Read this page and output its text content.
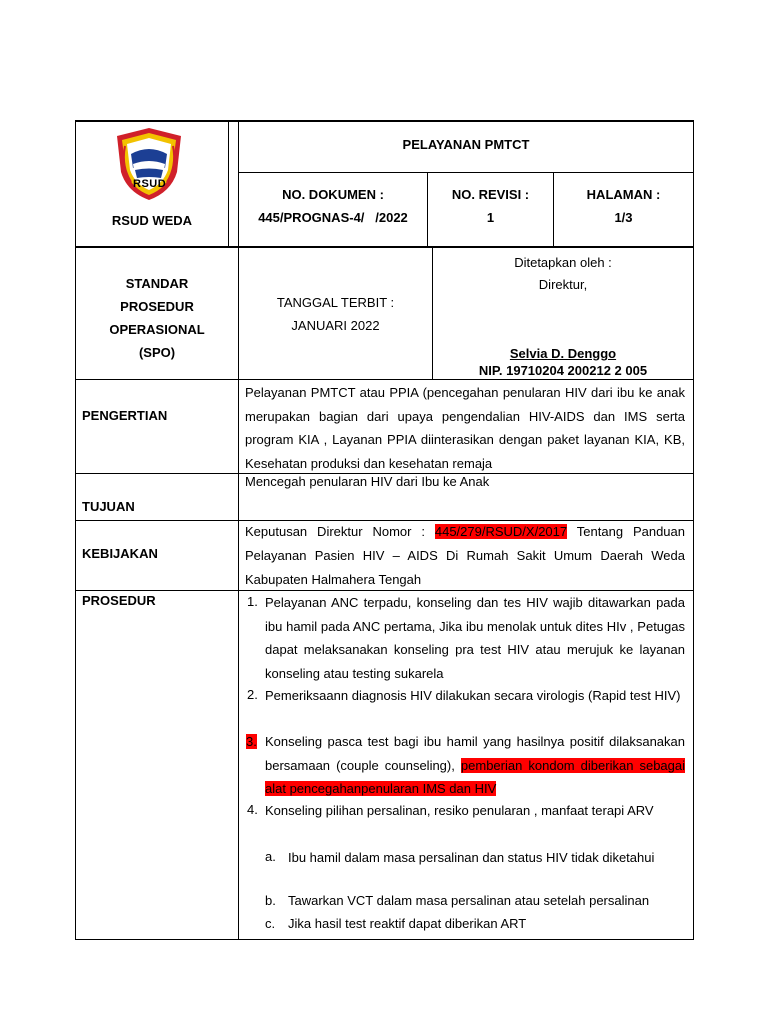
RSUD
RSUD WEDA
PELAYANAN PMTCT
NO. DOKUMEN :
445/PROGNAS-4/   /2022
NO. REVISI :
1
HALAMAN :
1/3
STANDAR
PROSEDUR
OPERASIONAL
(SPO)
TANGGAL TERBIT :
JANUARI 2022
Ditetapkan oleh :
Direktur,
Selvia D. Denggo
NIP. 19710204 200212 2 005
PENGERTIAN
Pelayanan PMTCT atau PPIA (pencegahan penularan HIV dari ibu ke anak merupakan bagian dari upaya pengendalian HIV-AIDS dan IMS serta program KIA , Layanan PPIA diinterasikan dengan paket layanan KIA, KB, Kesehatan produksi dan kesehatan remaja
TUJUAN
Mencegah penularan HIV dari Ibu ke Anak
KEBIJAKAN
Keputusan Direktur Nomor : 445/279/RSUD/X/2017 Tentang Panduan Pelayanan Pasien HIV – AIDS Di Rumah Sakit Umum Daerah Weda Kabupaten Halmahera Tengah
PROSEDUR	1. Pelayanan ANC terpadu, konseling dan tes HIV wajib ditawarkan pada ibu hamil pada ANC pertama, Jika ibu menolak untuk dites HIv , Petugas dapat melaksanakan konseling pra test HIV atau merujuk ke layanan konseling atau testing sukarela
2. Pemeriksaann diagnosis HIV dilakukan secara virologis (Rapid test HIV)
3. Konseling pasca test bagi ibu hamil yang hasilnya positif dilaksanakan bersamaan (couple counseling), pemberian kondom diberikan sebagai alat pencegahanpenularan IMS dan HIV
4. Konseling pilihan persalinan, resiko penularan , manfaat terapi ARV
a. Ibu hamil dalam masa persalinan dan status HIV tidak diketahui
b. Tawarkan VCT dalam masa persalinan atau setelah persalinan
c. Jika hasil test reaktif dapat diberikan ART
